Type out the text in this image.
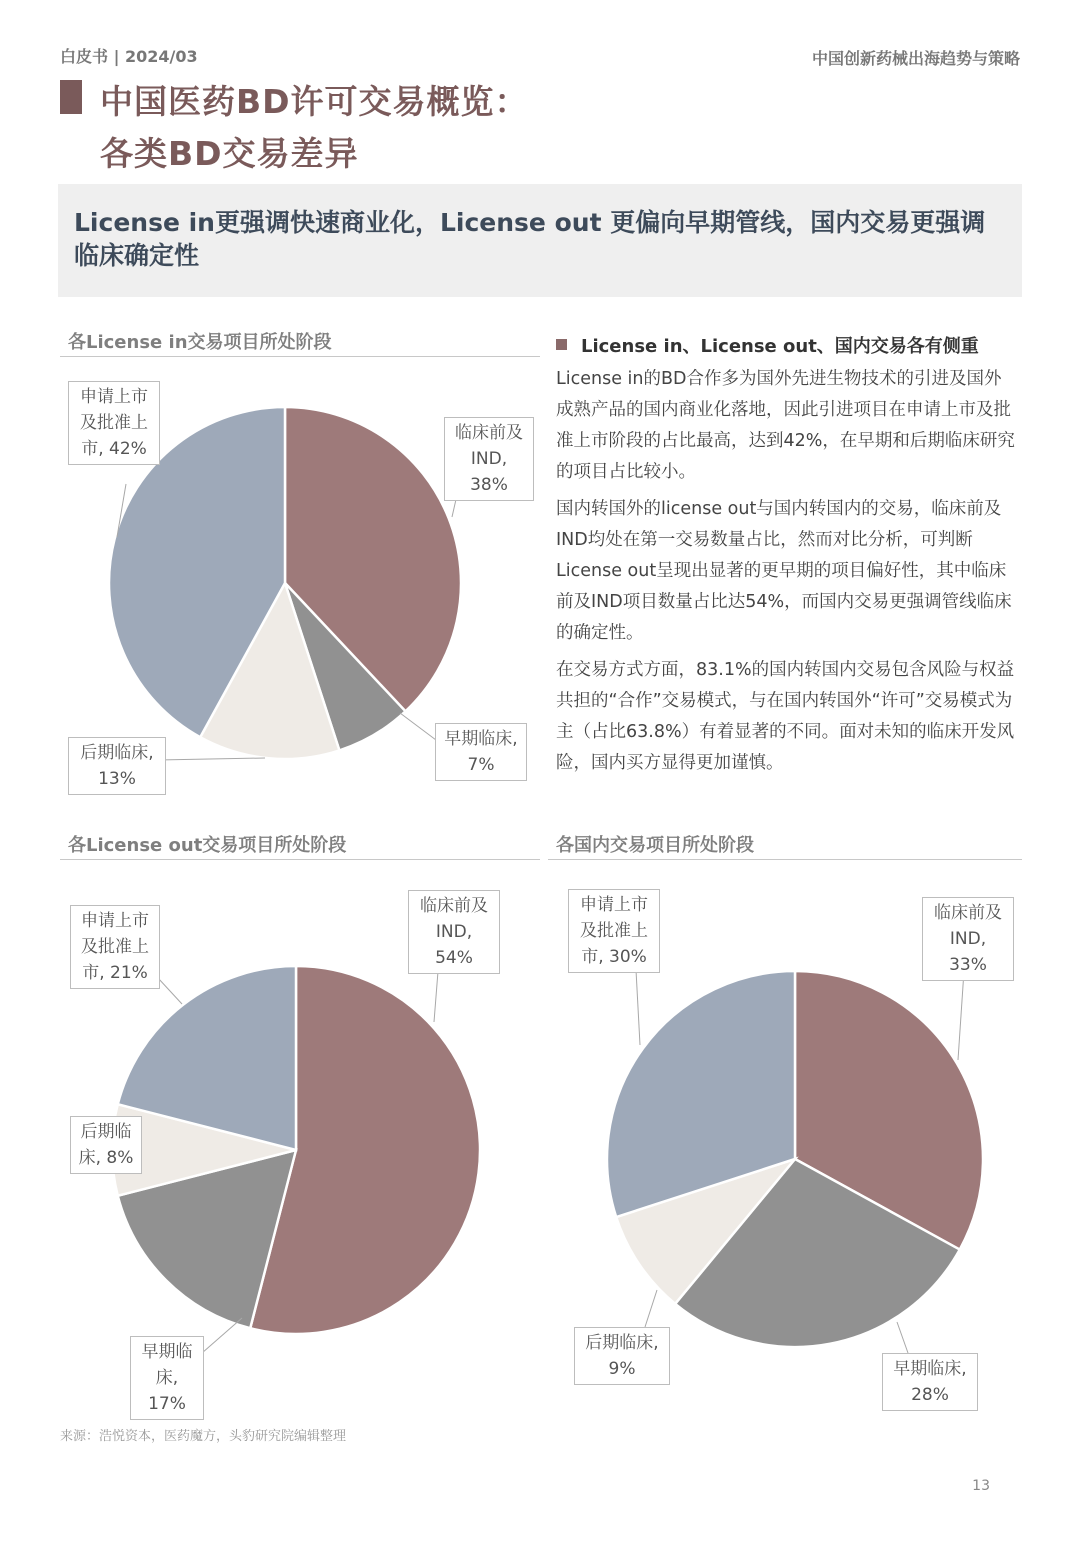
白皮书 | 2024/03	中国创新药械出海趋势与策略
中国医药BD许可交易概览：
各类BD交易差异
License in更强调快速商业化，License out 更偏向早期管线，国内交易更强调临床确定性
各License in交易项目所处阶段
各License out交易项目所处阶段	各国内交易项目所处阶段
License in、License out、国内交易各有侧重

License in的BD合作多为国外先进生物技术的引进及国外成熟产品的国内商业化落地，因此引进项目在申请上市及批准上市阶段的占比最高，达到42%，在早期和后期临床研究的项目占比较小。

国内转国外的license out与国内转国内的交易，临床前及IND均处在第一交易数量占比，然而对比分析，可判断License out呈现出显著的更早期的项目偏好性，其中临床前及IND项目数量占比达54%，而国内交易更强调管线临床的确定性。

在交易方式方面，83.1%的国内转国内交易包含风险与权益共担的“合作”交易模式，与在国内转国外“许可”交易模式为主（占比63.8%）有着显著的不同。面对未知的临床开发风险，国内买方显得更加谨慎。

临床前及
IND, 38%
早期临床,
7%
后期临床,
13%
申请上市
及批准上
市, 42%
临床前及
IND, 54%
早期临
床, 17%
后期临
床, 8%
申请上市
及批准上
市, 21%
临床前及
IND, 33%
早期临床,
28%
后期临床,
9%
申请上市
及批准上
市, 30%
来源：浩悦资本，医药魔方，头豹研究院编辑整理
13
